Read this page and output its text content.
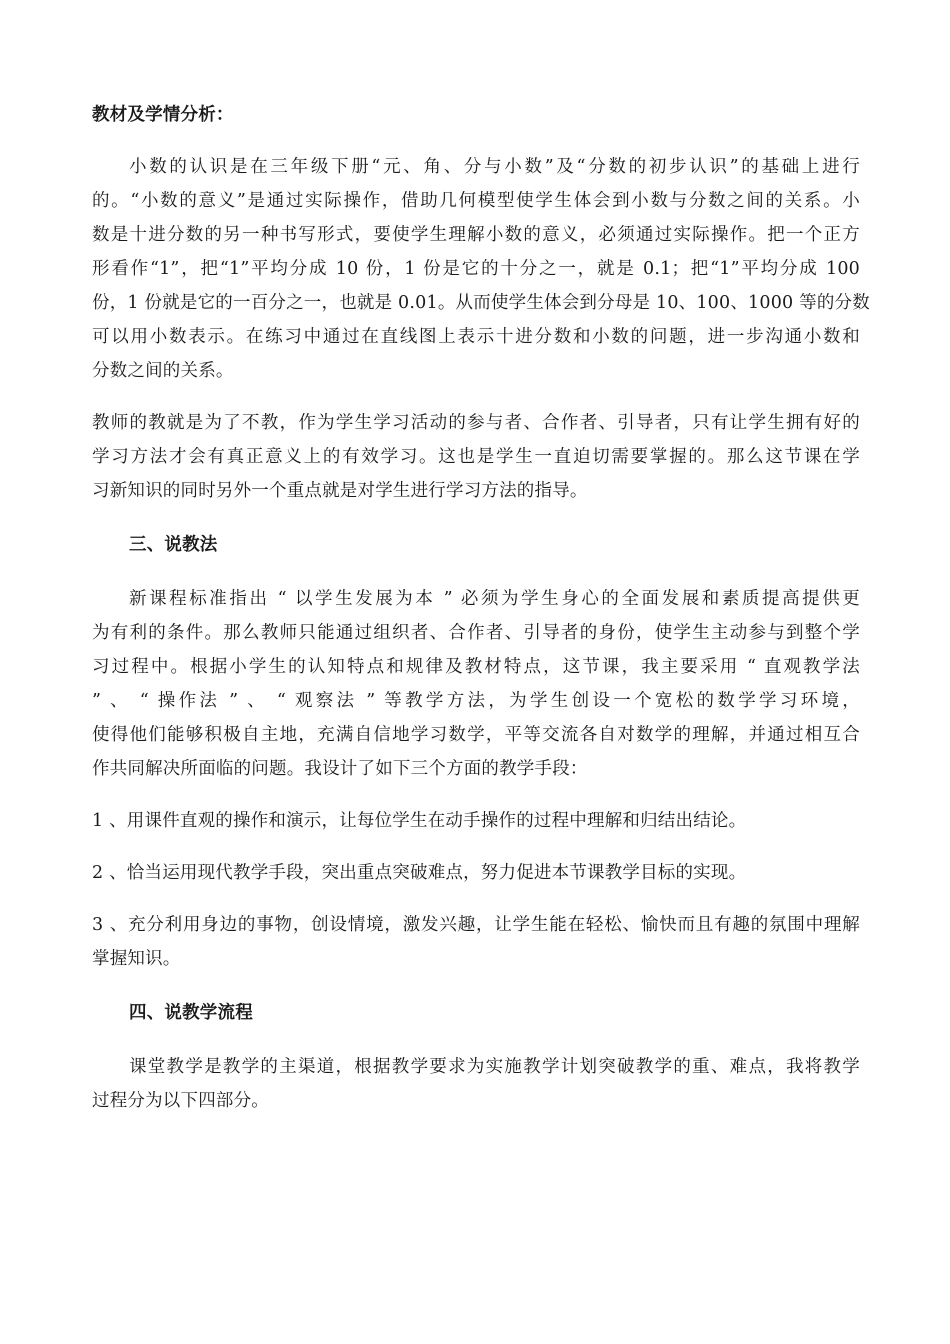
教材及学情分析：
小数的认识是在三年级下册“元、角、分与小数”及“分数的初步认识”的基础上进行
的。“小数的意义”是通过实际操作，借助几何模型使学生体会到小数与分数之间的关系。小
数是十进分数的另一种书写形式，要使学生理解小数的意义，必须通过实际操作。把一个正方
形看作“1”，把“1”平均分成 10 份，1 份是它的十分之一，就是 0.1；把“1”平均分成 100
份，1 份就是它的一百分之一，也就是 0.01。从而使学生体会到分母是 10、100、1000 等的分数
可以用小数表示。在练习中通过在直线图上表示十进分数和小数的问题，进一步沟通小数和
分数之间的关系。
教师的教就是为了不教，作为学生学习活动的参与者、合作者、引导者，只有让学生拥有好的
学习方法才会有真正意义上的有效学习。这也是学生一直迫切需要掌握的。那么这节课在学
习新知识的同时另外一个重点就是对学生进行学习方法的指导。
三、说教法
新课程标准指出 “ 以学生发展为本 ” 必须为学生身心的全面发展和素质提高提供更
为有利的条件。那么教师只能通过组织者、合作者、引导者的身份，使学生主动参与到整个学
习过程中。根据小学生的认知特点和规律及教材特点，这节课，我主要采用 “ 直观教学法
” 、 “ 操作法 ” 、 “ 观察法 ” 等教学方法，为学生创设一个宽松的数学学习环境，
使得他们能够积极自主地，充满自信地学习数学，平等交流各自对数学的理解，并通过相互合
作共同解决所面临的问题。我设计了如下三个方面的教学手段：
1 、用课件直观的操作和演示，让每位学生在动手操作的过程中理解和归结出结论。
2 、恰当运用现代教学手段，突出重点突破难点，努力促进本节课教学目标的实现。
3 、充分利用身边的事物，创设情境，激发兴趣，让学生能在轻松、愉快而且有趣的氛围中理解
掌握知识。
四、说教学流程
课堂教学是教学的主渠道，根据教学要求为实施教学计划突破教学的重、难点，我将教学
过程分为以下四部分。
